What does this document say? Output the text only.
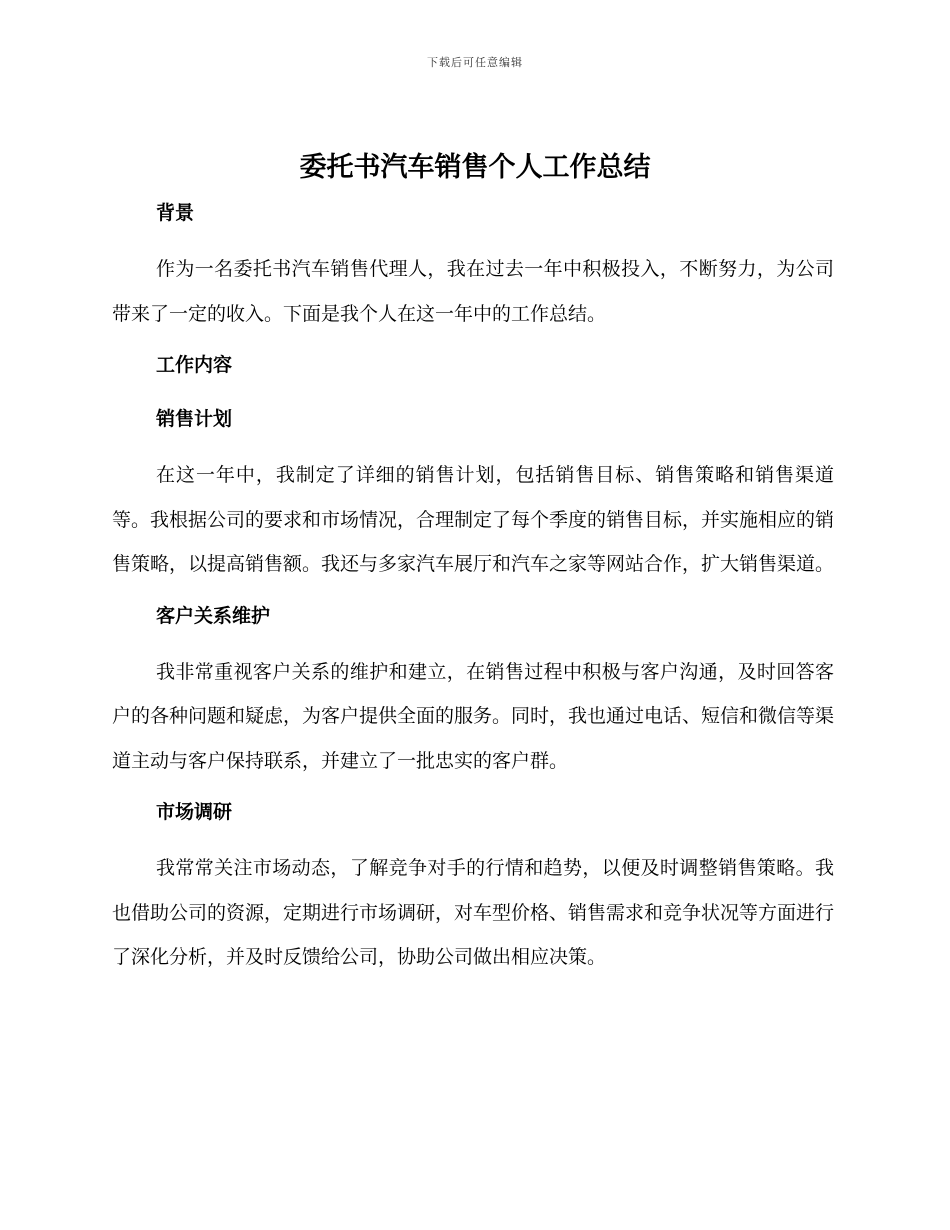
下载后可任意编辑
委托书汽车销售个人工作总结
背景

作为一名委托书汽车销售代理人，我在过去一年中积极投入，不断努力，为公司带来了一定的收入。下面是我个人在这一年中的工作总结。

工作内容
销售计划

在这一年中，我制定了详细的销售计划，包括销售目标、销售策略和销售渠道等。我根据公司的要求和市场情况，合理制定了每个季度的销售目标，并实施相应的销售策略，以提高销售额。我还与多家汽车展厅和汽车之家等网站合作，扩大销售渠道。

客户关系维护

我非常重视客户关系的维护和建立，在销售过程中积极与客户沟通，及时回答客户的各种问题和疑虑，为客户提供全面的服务。同时，我也通过电话、短信和微信等渠道主动与客户保持联系，并建立了一批忠实的客户群。

市场调研

我常常关注市场动态，了解竞争对手的行情和趋势，以便及时调整销售策略。我也借助公司的资源，定期进行市场调研，对车型价格、销售需求和竞争状况等方面进行了深化分析，并及时反馈给公司，协助公司做出相应决策。
